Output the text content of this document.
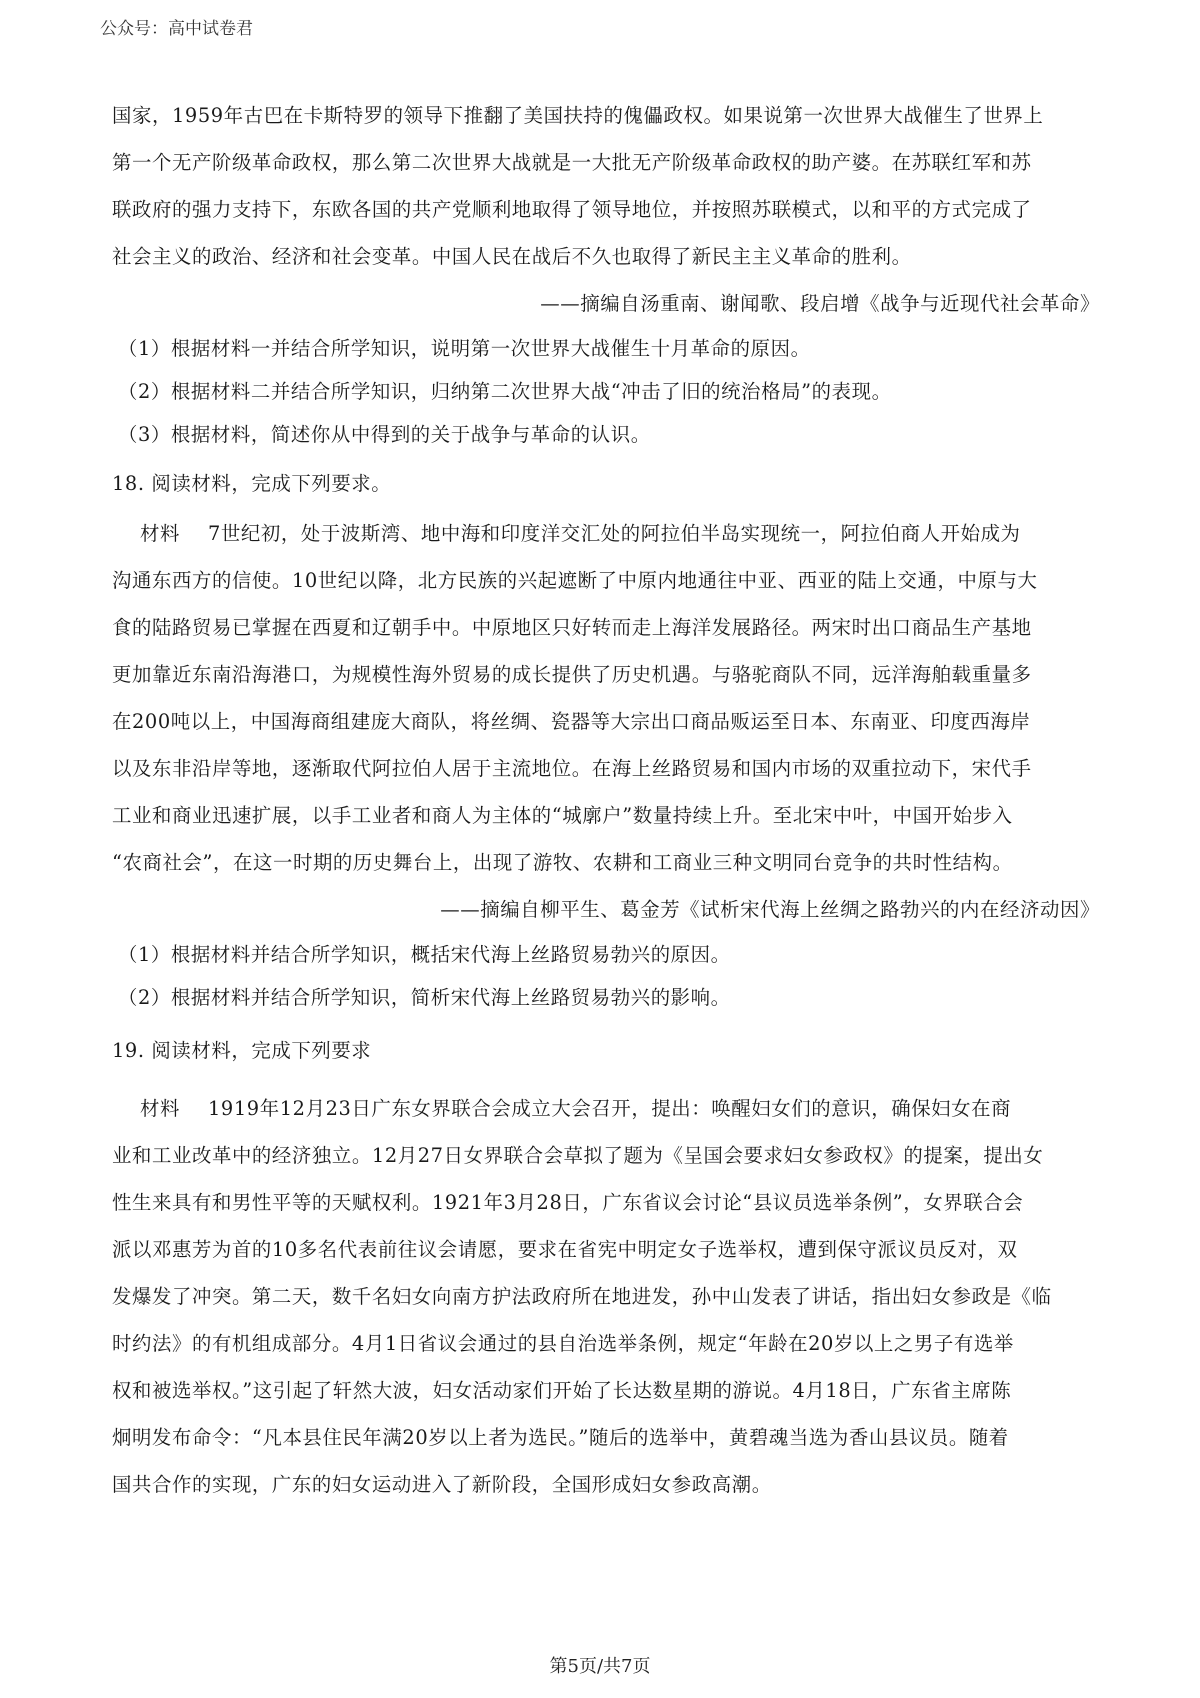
公众号：高中试卷君

国家，1959年古巴在卡斯特罗的领导下推翻了美国扶持的傀儡政权。如果说第一次世界大战催生了世界上

第一个无产阶级革命政权，那么第二次世界大战就是一大批无产阶级革命政权的助产婆。在苏联红军和苏

联政府的强力支持下，东欧各国的共产党顺利地取得了领导地位，并按照苏联模式，以和平的方式完成了

社会主义的政治、经济和社会变革。中国人民在战后不久也取得了新民主主义革命的胜利。

——摘编自汤重南、谢闻歌、段启增《战争与近现代社会革命》

（1）根据材料一并结合所学知识，说明第一次世界大战催生十月革命的原因。

（2）根据材料二并结合所学知识，归纳第二次世界大战“冲击了旧的统治格局”的表现。

（3）根据材料，简述你从中得到的关于战争与革命的认识。

18. 阅读材料，完成下列要求。

材料 7世纪初，处于波斯湾、地中海和印度洋交汇处的阿拉伯半岛实现统一，阿拉伯商人开始成为

沟通东西方的信使。10世纪以降，北方民族的兴起遮断了中原内地通往中亚、西亚的陆上交通，中原与大

食的陆路贸易已掌握在西夏和辽朝手中。中原地区只好转而走上海洋发展路径。两宋时出口商品生产基地

更加靠近东南沿海港口，为规模性海外贸易的成长提供了历史机遇。与骆驼商队不同，远洋海舶载重量多

在200吨以上，中国海商组建庞大商队，将丝绸、瓷器等大宗出口商品贩运至日本、东南亚、印度西海岸

以及东非沿岸等地，逐渐取代阿拉伯人居于主流地位。在海上丝路贸易和国内市场的双重拉动下，宋代手

工业和商业迅速扩展，以手工业者和商人为主体的“城廓户”数量持续上升。至北宋中叶，中国开始步入

“农商社会”，在这一时期的历史舞台上，出现了游牧、农耕和工商业三种文明同台竞争的共时性结构。

——摘编自柳平生、葛金芳《试析宋代海上丝绸之路勃兴的内在经济动因》

（1）根据材料并结合所学知识，概括宋代海上丝路贸易勃兴的原因。

（2）根据材料并结合所学知识，简析宋代海上丝路贸易勃兴的影响。

19. 阅读材料，完成下列要求

材料 1919年12月23日广东女界联合会成立大会召开，提出：唤醒妇女们的意识，确保妇女在商

业和工业改革中的经济独立。12月27日女界联合会草拟了题为《呈国会要求妇女参政权》的提案，提出女

性生来具有和男性平等的天赋权利。1921年3月28日，广东省议会讨论“县议员选举条例”，女界联合会

派以邓惠芳为首的10多名代表前往议会请愿，要求在省宪中明定女子选举权，遭到保守派议员反对，双

发爆发了冲突。第二天，数千名妇女向南方护法政府所在地进发，孙中山发表了讲话，指出妇女参政是《临

时约法》的有机组成部分。4月1日省议会通过的县自治选举条例，规定“年龄在20岁以上之男子有选举

权和被选举权。”这引起了轩然大波，妇女活动家们开始了长达数星期的游说。4月18日，广东省主席陈

炯明发布命令：“凡本县住民年满20岁以上者为选民。”随后的选举中，黄碧魂当选为香山县议员。随着

国共合作的实现，广东的妇女运动进入了新阶段，全国形成妇女参政高潮。

第5页/共7页
